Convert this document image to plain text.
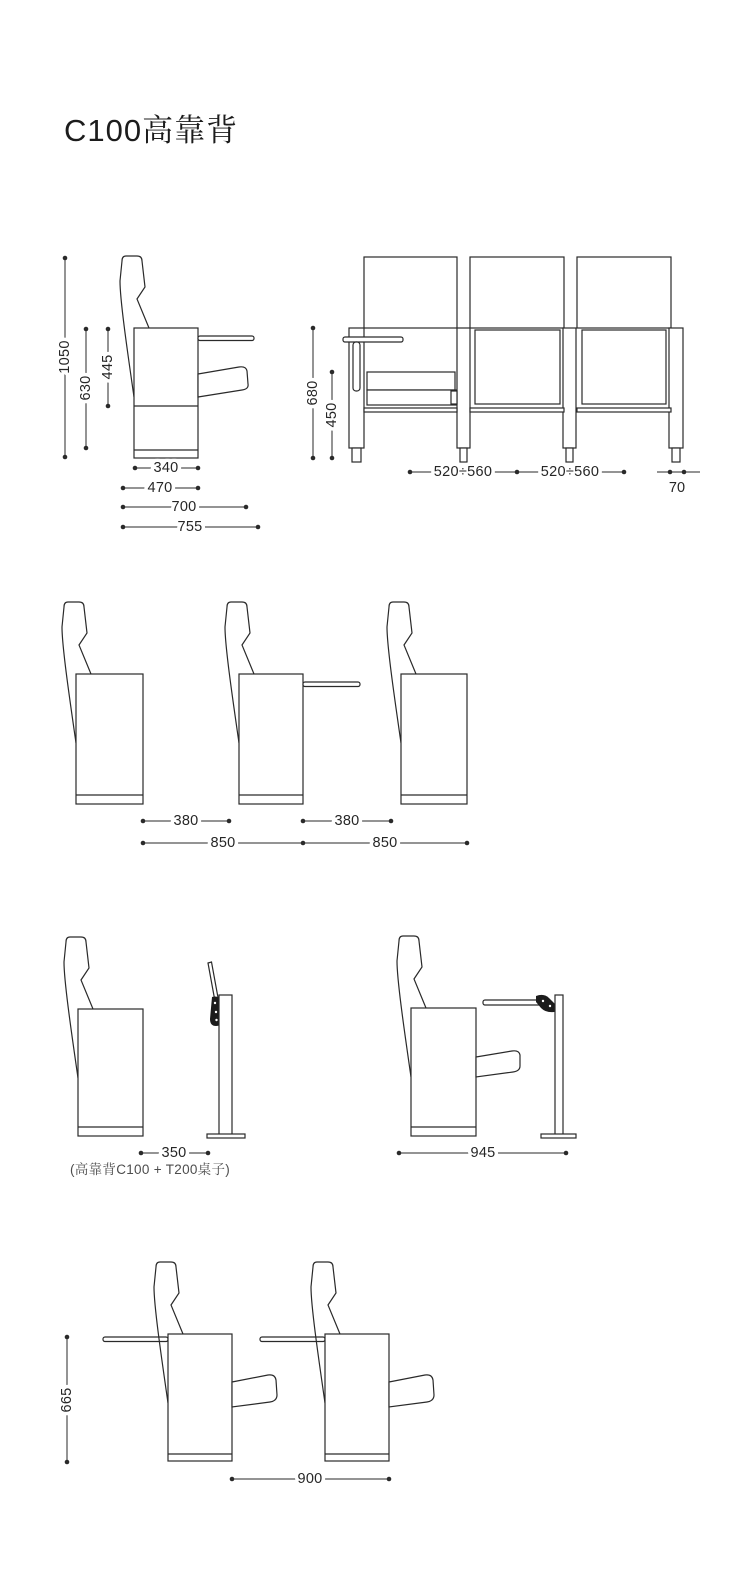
C100高靠背
1050
630
445
340
470
700
755
680
450
520÷560	520÷560
70
380	380
850	850
350	945
(高靠背C100 + T200桌子)
665
900
